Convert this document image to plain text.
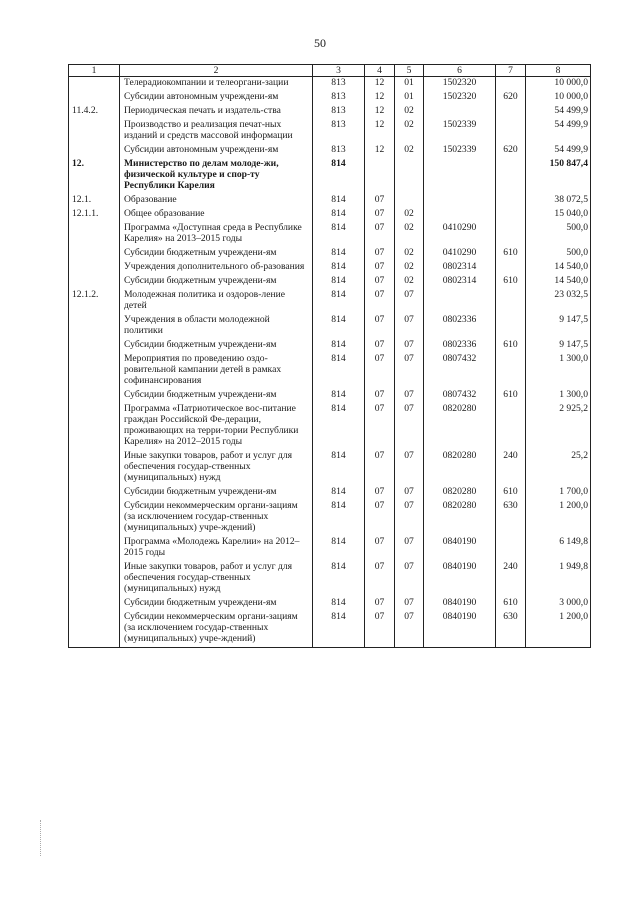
50
1	2	3	4	5	6	7	8
	Телерадиокомпании и телеоргани-зации	813	12	01	1502320		10 000,0
	Субсидии автономным учреждени-ям	813	12	01	1502320	620	10 000,0
11.4.2.	Периодическая печать и издатель-ства	813	12	02			54 499,9
	Производство и реализация печат-ных изданий и средств массовой информации	813	12	02	1502339		54 499,9
	Субсидии автономным учреждени-ям	813	12	02	1502339	620	54 499,9
12.	Министерство по делам молоде-жи, физической культуре и спор-ту Республики Карелия	814					150 847,4
12.1.	Образование	814	07				38 072,5
12.1.1.	Общее образование	814	07	02			15 040,0
	Программа «Доступная среда в Республике Карелия» на 2013–2015 годы	814	07	02	0410290		500,0
	Субсидии бюджетным учреждени-ям	814	07	02	0410290	610	500,0
	Учреждения дополнительного об-разования	814	07	02	0802314		14 540,0
	Субсидии бюджетным учреждени-ям	814	07	02	0802314	610	14 540,0
12.1.2.	Молодежная политика и оздоров-ление детей	814	07	07			23 032,5
	Учреждения в области молодежной политики	814	07	07	0802336		9 147,5
	Субсидии бюджетным учреждени-ям	814	07	07	0802336	610	9 147,5
	Мероприятия по проведению оздо-ровительной кампании детей в рамках софинансирования	814	07	07	0807432		1 300,0
	Субсидии бюджетным учреждени-ям	814	07	07	0807432	610	1 300,0
	Программа «Патриотическое вос-питание граждан Российской Фе-дерации, проживающих на терри-тории Республики Карелия» на 2012–2015 годы	814	07	07	0820280		2 925,2
	Иные закупки товаров, работ и услуг для обеспечения государ-ственных (муниципальных) нужд	814	07	07	0820280	240	25,2
	Субсидии бюджетным учреждени-ям	814	07	07	0820280	610	1 700,0
	Субсидии некоммерческим органи-зациям (за исключением государ-ственных (муниципальных) учре-ждений)	814	07	07	0820280	630	1 200,0
	Программа «Молодежь Карелии» на 2012–2015 годы	814	07	07	0840190		6 149,8
	Иные закупки товаров, работ и услуг для обеспечения государ-ственных (муниципальных) нужд	814	07	07	0840190	240	1 949,8
	Субсидии бюджетным учреждени-ям	814	07	07	0840190	610	3 000,0
	Субсидии некоммерческим органи-зациям (за исключением государ-ственных (муниципальных) учре-ждений)	814	07	07	0840190	630	1 200,0
